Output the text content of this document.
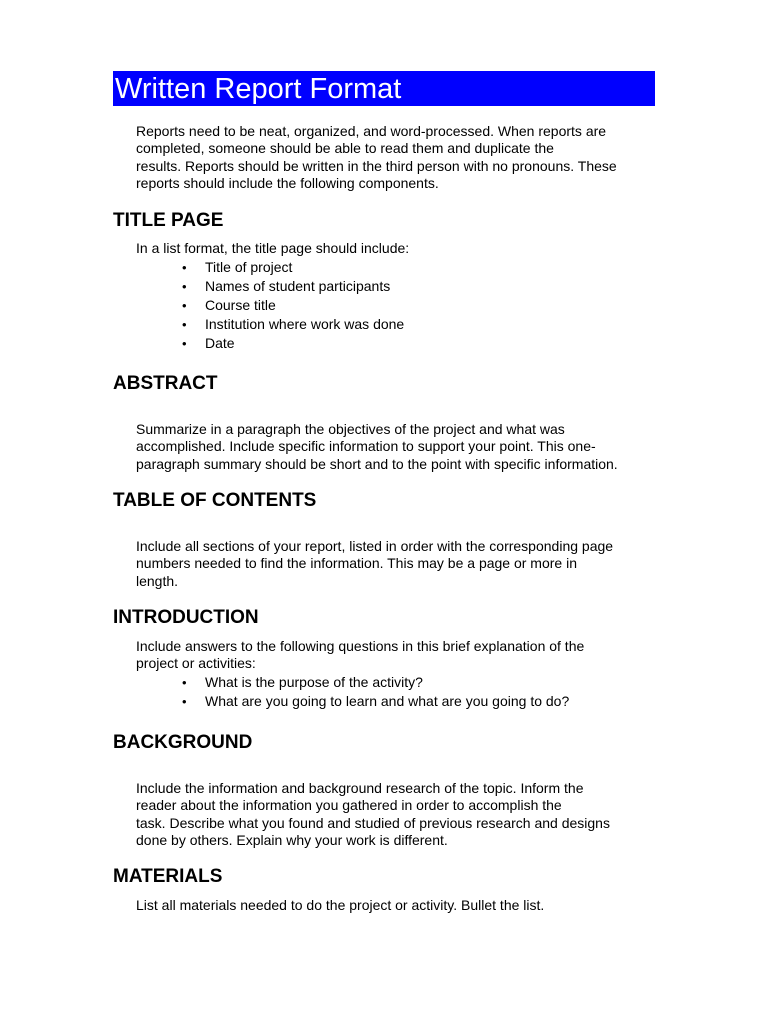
Written Report Format
Reports need to be neat, organized, and word-processed. When reports are
completed, someone should be able to read them and duplicate the
results. Reports should be written in the third person with no pronouns. These
reports should include the following components.
TITLE PAGE
In a list format, the title page should include:
• Title of project
• Names of student participants
• Course title
• Institution where work was done
• Date
ABSTRACT
Summarize in a paragraph the objectives of the project and what was
accomplished. Include specific information to support your point. This one-
paragraph summary should be short and to the point with specific information.
TABLE OF CONTENTS
Include all sections of your report, listed in order with the corresponding page
numbers needed to find the information. This may be a page or more in
length.
INTRODUCTION
Include answers to the following questions in this brief explanation of the
project or activities:
• What is the purpose of the activity?
• What are you going to learn and what are you going to do?
BACKGROUND
Include the information and background research of the topic. Inform the
reader about the information you gathered in order to accomplish the
task. Describe what you found and studied of previous research and designs
done by others. Explain why your work is different.
MATERIALS
List all materials needed to do the project or activity. Bullet the list.
